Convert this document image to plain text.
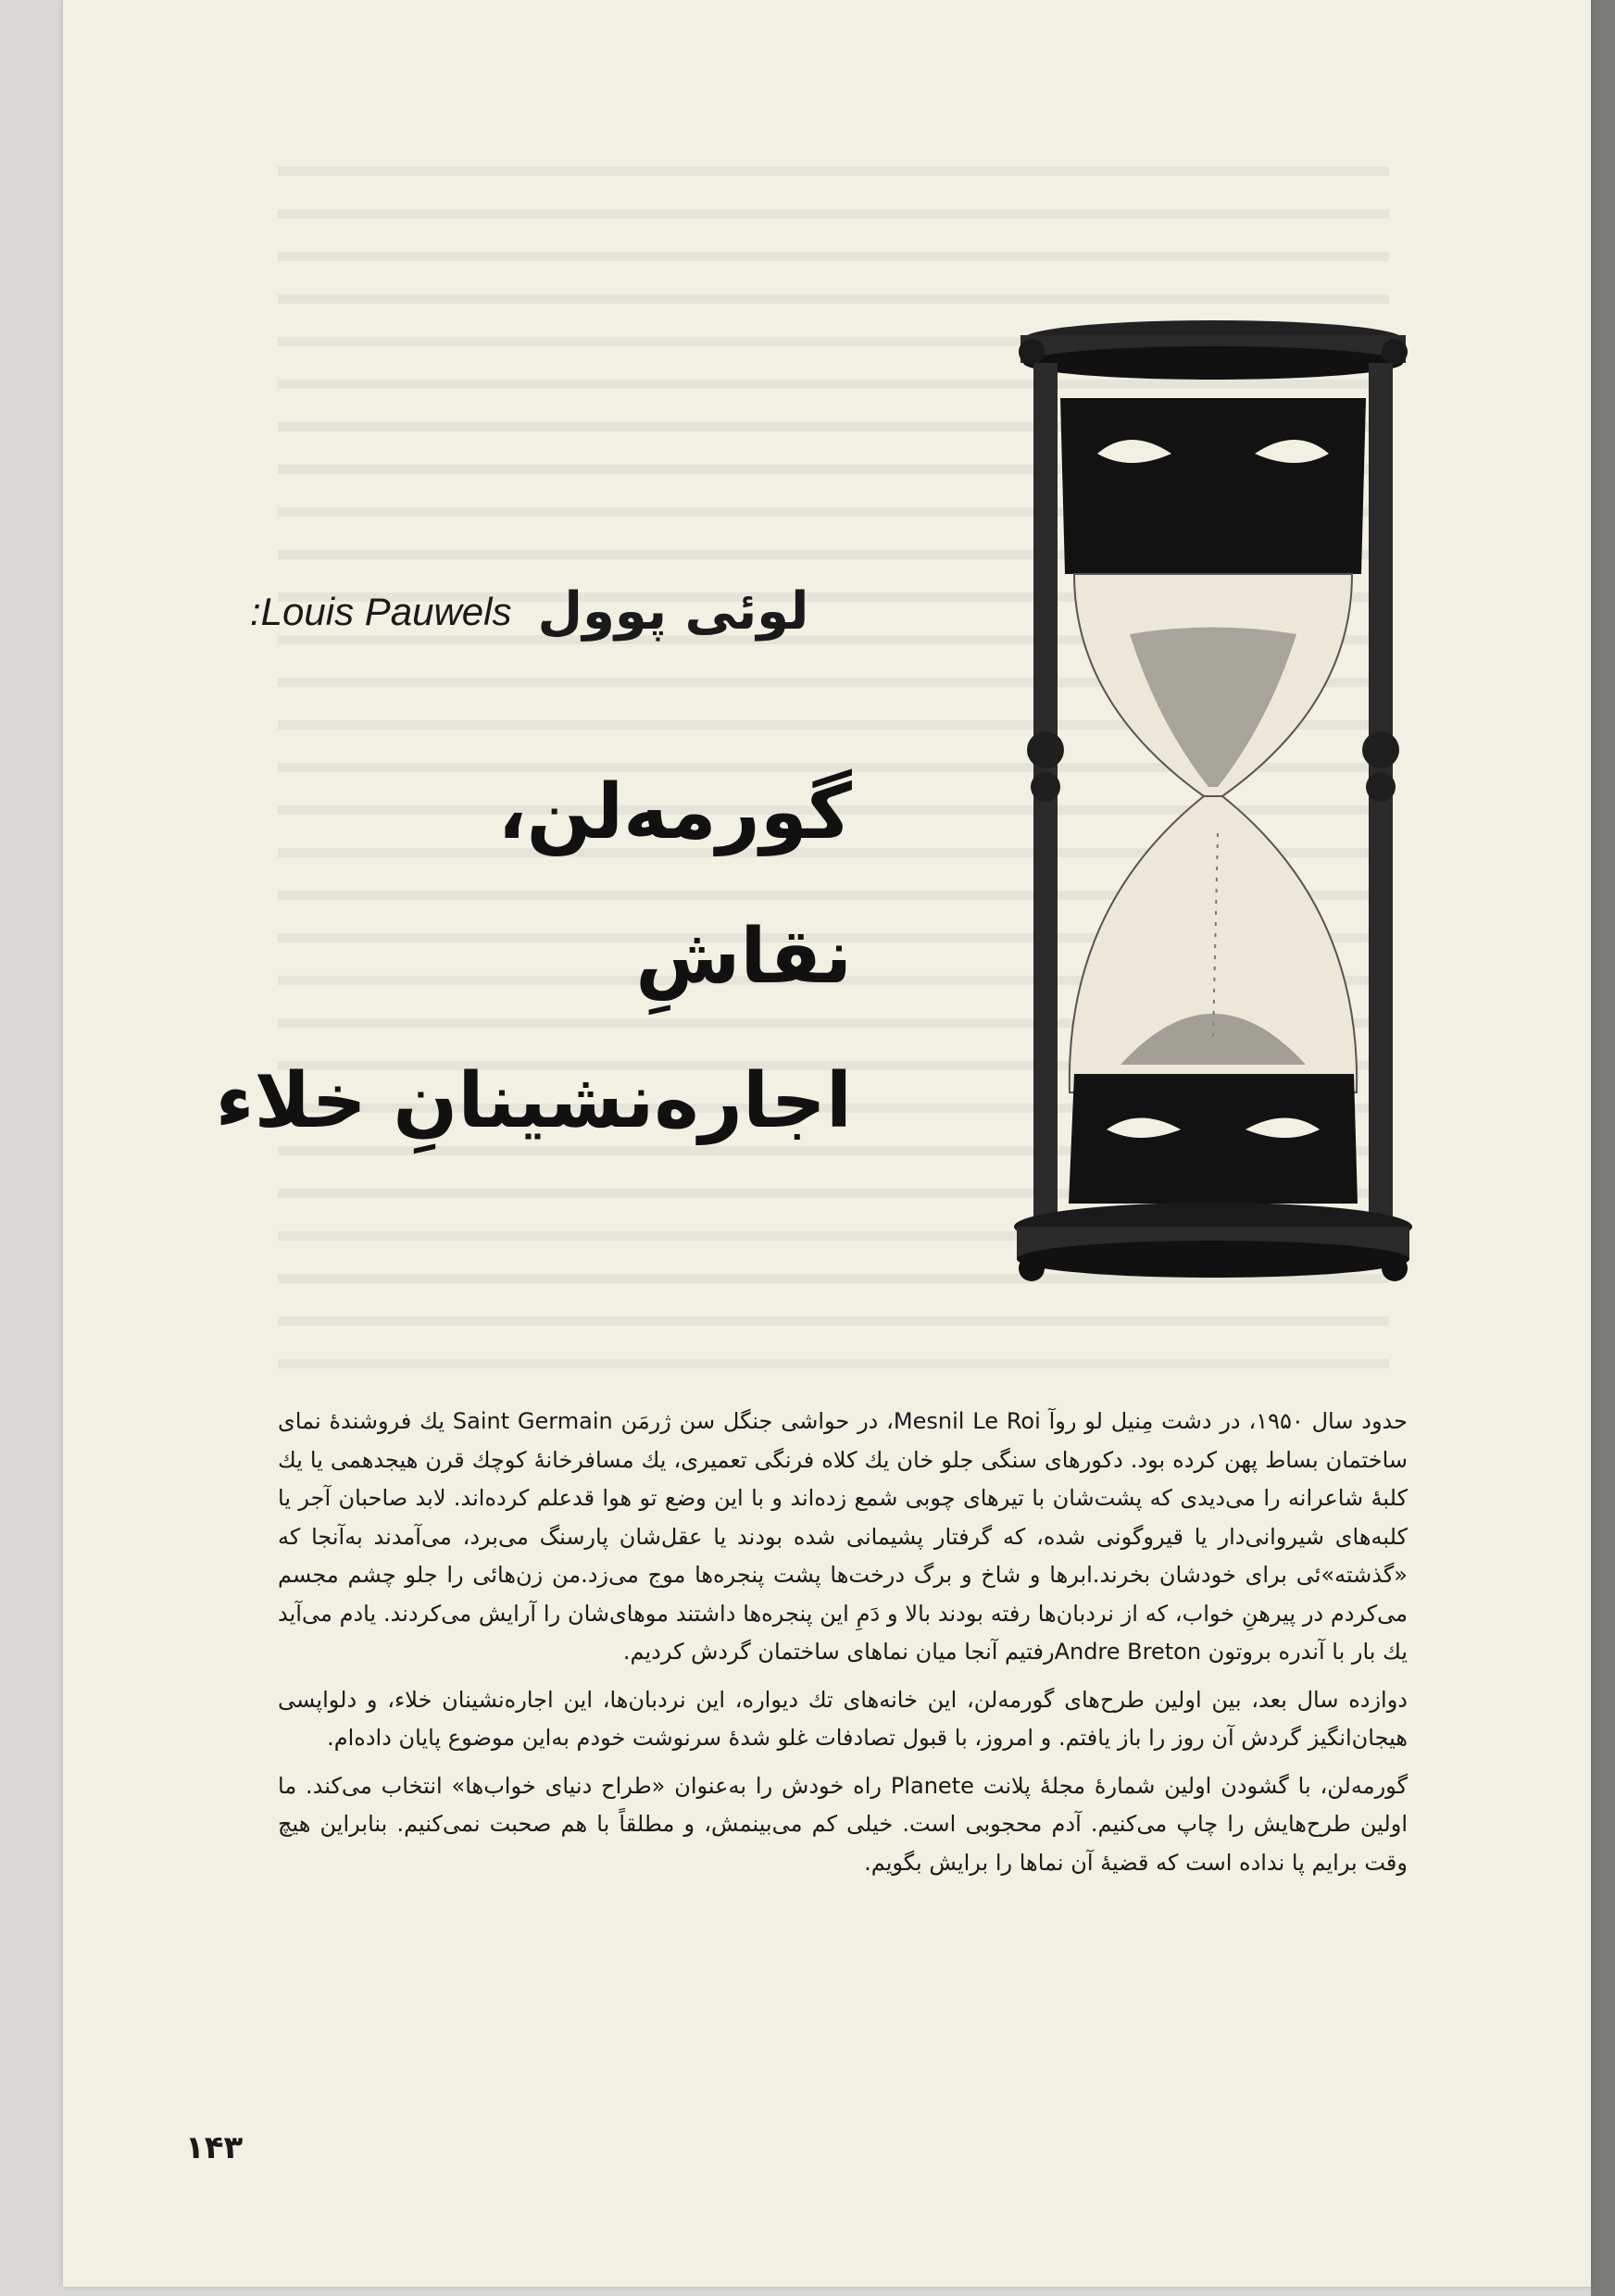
:Louis Pauwels لوئی پوول
گورمه‌لن،
نقاشِ
اجاره‌نشینانِ خلاء

حدود سال ۱۹۵۰، در دشت مِنیل لو روآ Mesnil Le Roi، در حواشی جنگل سن ژرمَن Saint Germain يك فروشندهٔ نمای ساختمان بساط پهن کرده بود. دکورهای سنگی جلو خان يك کلاه فرنگی تعمیری، يك مسافرخانهٔ کوچك قرن هیجدهمی یا يك کلبهٔ شاعرانه را می‌دیدی که پشت‌شان با تیرهای چوبی شمع زده‌اند و با این وضع تو هوا قدعلم کرده‌اند. لابد صاحبان آجر یا کلبه‌های شیروانی‌دار یا قیروگونی شده، که گرفتار پشیمانی شده بودند یا عقل‌شان پارسنگ می‌برد، می‌آمدند به‌آنجا که «گذشته»ئی برای خودشان بخرند.ابرها و شاخ و برگ درخت‌ها پشت پنجره‌ها موج می‌زد.من زن‌هائی را جلو چشم مجسم می‌کردم در پیرهنِ خواب، که از نردبان‌ها رفته بودند بالا و دَمِ این پنجره‌ها داشتند موهای‌شان را آرایش می‌کردند. یادم می‌آید يك بار با آندره بروتون Andre Bretonرفتیم آنجا میان نماهای ساختمان گردش کردیم.

دوازده سال بعد، بین اولین طرح‌های گورمه‌لن، این خانه‌های تك دیواره، این نردبان‌ها، این اجاره‌نشینان خلاء، و دلواپسی هیجان‌انگیز گردش آن روز را باز یافتم. و امروز، با قبول تصادفات غلو شدهٔ سرنوشت خودم به‌این موضوع پایان داده‌ام.

گورمه‌لن، با گشودن اولین شمارهٔ مجلهٔ پلانت Planete راه خودش را به‌عنوان «طراح دنیای خواب‌ها» انتخاب می‌کند. ما اولین طرح‌هایش را چاپ می‌کنیم. آدم محجوبی است. خیلی کم می‌بینمش، و مطلقاً با هم صحبت نمی‌کنیم. بنابراین هیچ وقت برایم پا نداده است که قضیهٔ آن نماها را برایش بگویم.

۱۴۳
